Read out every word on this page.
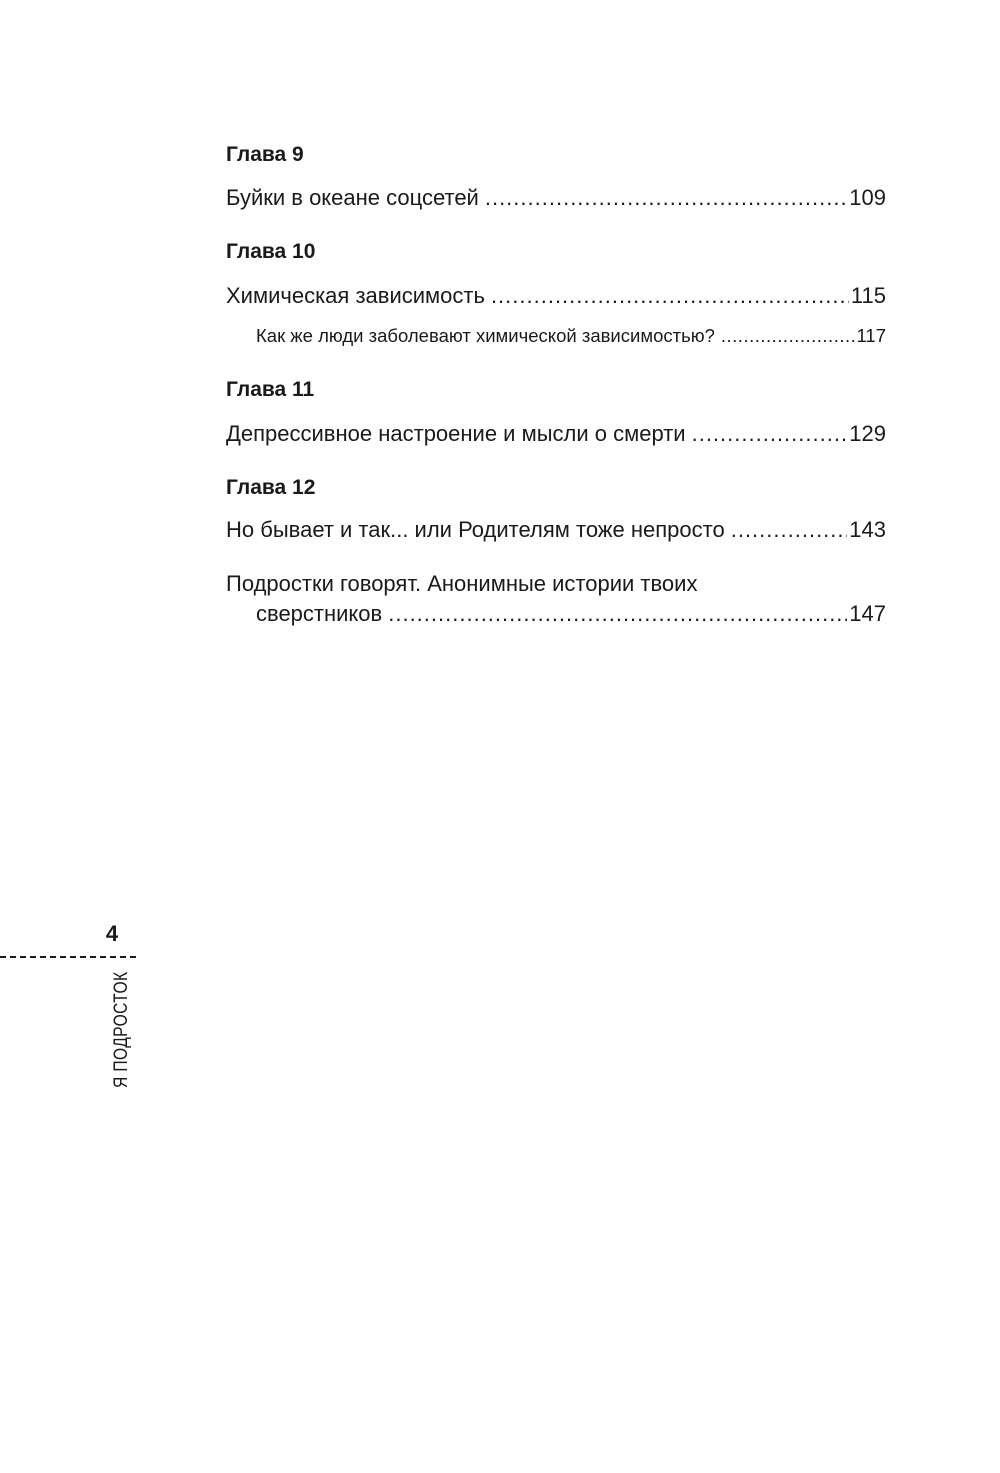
Глава 9
Буйки в океане соцсетей .....	109
Глава 10
Химическая зависимость .....	115
Как же люди заболевают химической зависимостью? .....	117
Глава 11
Депрессивное настроение и мысли о смерти .....	129
Глава 12
Но бывает и так... или Родителям тоже непросто .....	143
Подростки говорят. Анонимные истории твоих
сверстников .....	147
4
Я ПОДРОСТОК
